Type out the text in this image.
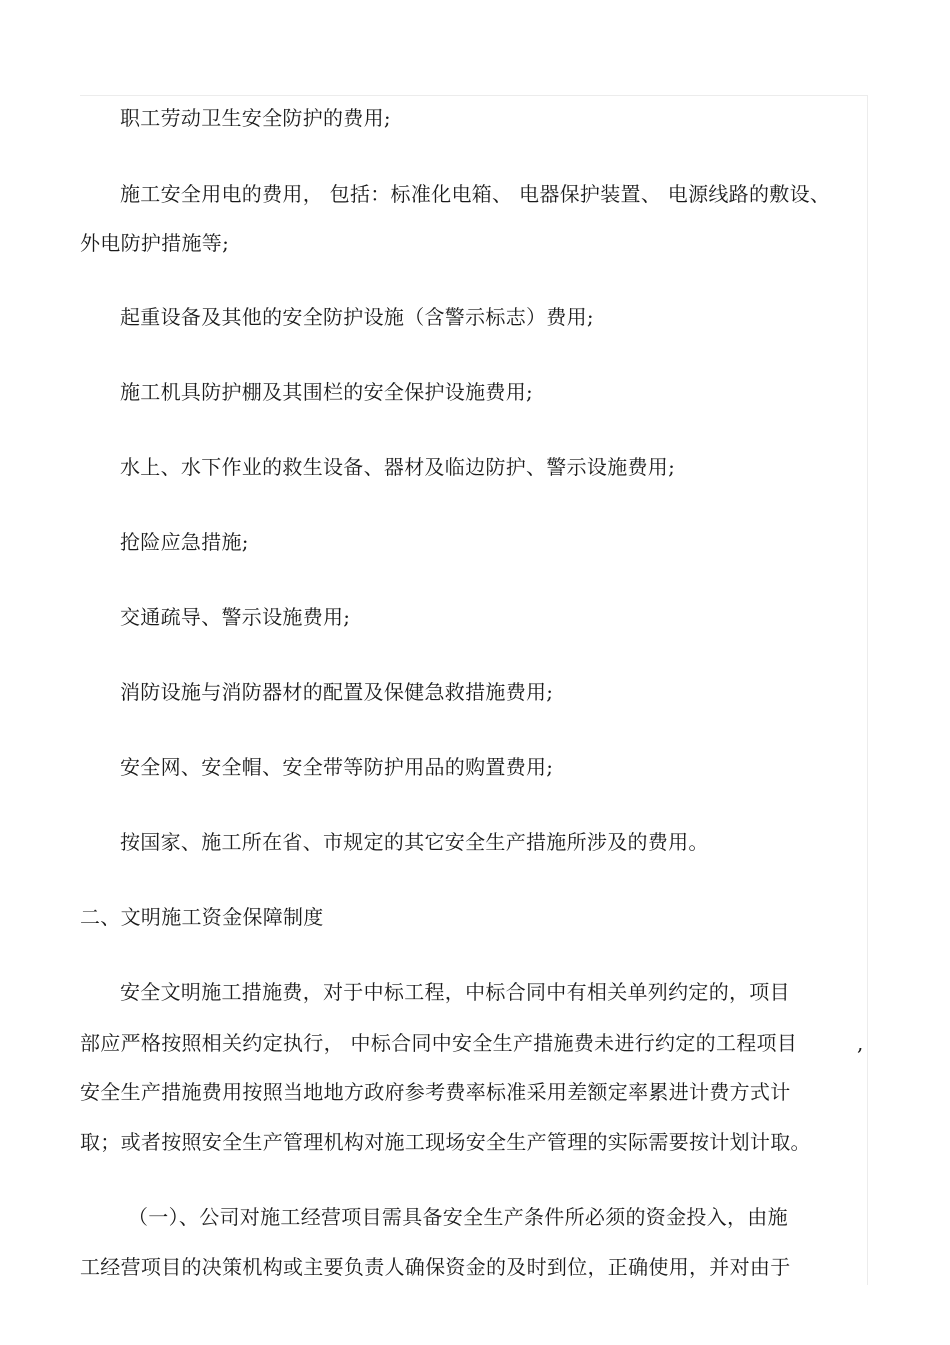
职工劳动卫生安全防护的费用;
施工安全用电的费用， 包括：标准化电箱、 电器保护装置、 电源线路的敷设、
外电防护措施等;
起重设备及其他的安全防护设施（含警示标志）费用;
施工机具防护棚及其围栏的安全保护设施费用;
水上、水下作业的救生设备、器材及临边防护、警示设施费用;
抢险应急措施;
交通疏导、警示设施费用;
消防设施与消防器材的配置及保健急救措施费用;
安全网、安全帽、安全带等防护用品的购置费用;
按国家、施工所在省、市规定的其它安全生产措施所涉及的费用。
二、文明施工资金保障制度
安全文明施工措施费，对于中标工程，中标合同中有相关单列约定的，项目
部应严格按照相关约定执行， 中标合同中安全生产措施费未进行约定的工程项目	,
安全生产措施费用按照当地地方政府参考费率标准采用差额定率累进计费方式计
取；或者按照安全生产管理机构对施工现场安全生产管理的实际需要按计划计取。
（一）、公司对施工经营项目需具备安全生产条件所必须的资金投入，由施
工经营项目的决策机构或主要负责人确保资金的及时到位，正确使用，并对由于
